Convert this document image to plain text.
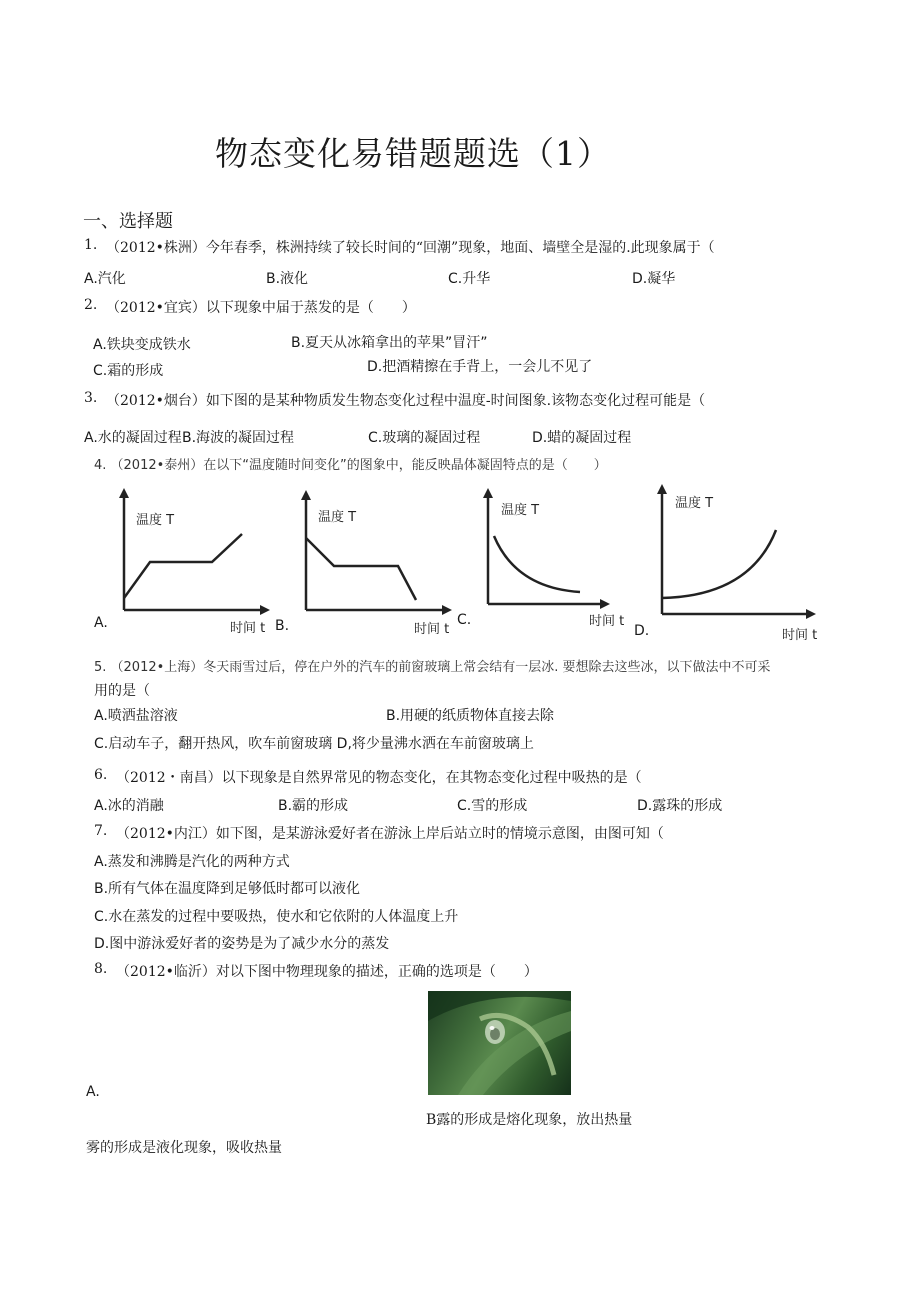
物态变化易错题题选（1）
一、选择题
1. （2012•株洲）今年春季，株洲持续了较长时间的“回潮”现象，地面、墙壁全是湿的.此现象属于（
A.汽化	B.液化	C.升华	D.凝华
2. （2012•宜宾）以下现象中届于蒸发的是（　　）
A.铁块变成铁水	B.夏天从冰箱拿出的苹果”冒汗”
C.霜的形成	D.把酒精擦在手背上，一会儿不见了
3. （2012•烟台）如下图的是某种物质发生物态变化过程中温度-时间图象.该物态变化过程可能是（
A.水的凝固过程 B.海波的凝固过程	C.玻璃的凝固过程	D.蜡的凝固过程
4. （2012•泰州）在以下“温度随时间变化”的图象中，能反映晶体凝固特点的是（　　）
温度 T
时间 t
A.
温度 T
时间 t
B.
温度 T
时间 t
C.
温度 T
时间 t
D.
5. （2012•上海）冬天雨雪过后，停在户外的汽车的前窗玻璃上常会结有一层冰. 要想除去这些冰，以下做法中不可采
用的是（
A.喷洒盐溶液	B.用硬的纸质物体直接去除
C.启动车子，翻开热风，吹车前窗玻璃 D,将少量沸水洒在车前窗玻璃上
6. （2012・南昌）以下现象是自然界常见的物态变化，在其物态变化过程中吸热的是（
A.冰的消融	B.霸的形成	C.雪的形成	D.露珠的形成
7. （2012•内江）如下图，是某游泳爱好者在游泳上岸后站立时的情境示意图，由图可知（
A.蒸发和沸腾是汽化的两种方式
B.所有气体在温度降到足够低时都可以液化
C.水在蒸发的过程中要吸热，使水和它依附的人体温度上升
D.图中游泳爱好者的姿势是为了减少水分的蒸发
8. （2012•临沂）对以下图中物理现象的描述，正确的选项是（　　）
A.
B露的形成是熔化现象，放出热量
雾的形成是液化现象，吸收热量
